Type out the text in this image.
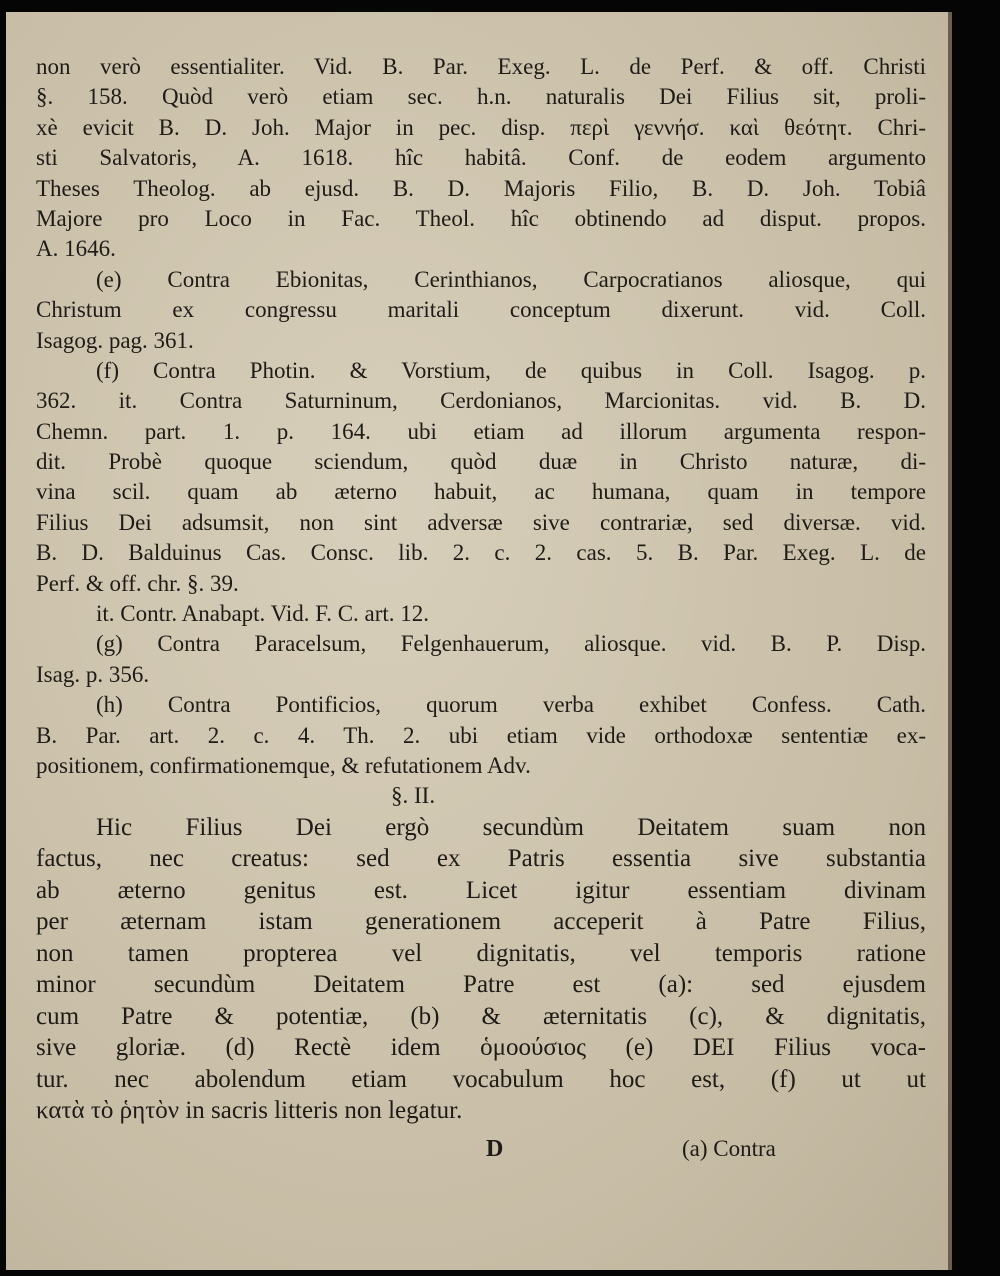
non verò essentialiter. Vid. B. Par. Exeg. L. de Perf. & off. Christi
§. 158. Quòd verò etiam sec. h.n. naturalis Dei Filius sit, proli-
xè evicit B. D. Joh. Major in pec. disp. περὶ γεννήσ. καὶ θεότητ. Chri-
sti Salvatoris, A. 1618. hîc habitâ. Conf. de eodem argumento
Theses Theolog. ab ejusd. B. D. Majoris Filio, B. D. Joh. Tobiâ
Majore pro Loco in Fac. Theol. hîc obtinendo ad disput. propos.
A. 1646.
(e) Contra Ebionitas, Cerinthianos, Carpocratianos aliosque, qui
Christum ex congressu maritali conceptum dixerunt. vid. Coll.
Isagog. pag. 361.
(f) Contra Photin. & Vorstium, de quibus in Coll. Isagog. p.
362. it. Contra Saturninum, Cerdonianos, Marcionitas. vid. B. D.
Chemn. part. 1. p. 164. ubi etiam ad illorum argumenta respon-
dit. Probè quoque sciendum, quòd duæ in Christo naturæ, di-
vina scil. quam ab æterno habuit, ac humana, quam in tempore
Filius Dei adsumsit, non sint adversæ sive contrariæ, sed diversæ. vid.
B. D. Balduinus Cas. Consc. lib. 2. c. 2. cas. 5. B. Par. Exeg. L. de
Perf. & off. chr. §. 39.
it. Contr. Anabapt. Vid. F. C. art. 12.
(g) Contra Paracelsum, Felgenhauerum, aliosque. vid. B. P. Disp.
Isag. p. 356.
(h) Contra Pontificios, quorum verba exhibet Confess. Cath.
B. Par. art. 2. c. 4. Th. 2. ubi etiam vide orthodoxæ sententiæ ex-
positionem, confirmationemque, & refutationem Adv.
§. II.
Hic Filius Dei ergò secundùm Deitatem suam non
factus, nec creatus: sed ex Patris essentia sive substantia
ab æterno genitus est. Licet igitur essentiam divinam
per æternam istam generationem acceperit à Patre Filius,
non tamen propterea vel dignitatis, vel temporis ratione
minor secundùm Deitatem Patre est (a): sed ejusdem
cum Patre & potentiæ, (b) & æternitatis (c), & dignitatis,
sive gloriæ. (d) Rectè idem ὁμοούσιος (e) DEI Filius voca-
tur. nec abolendum etiam vocabulum hoc est, (f) ut ut
κατὰ τὸ ῥητὸν in sacris litteris non legatur.
D	(a) Contra
